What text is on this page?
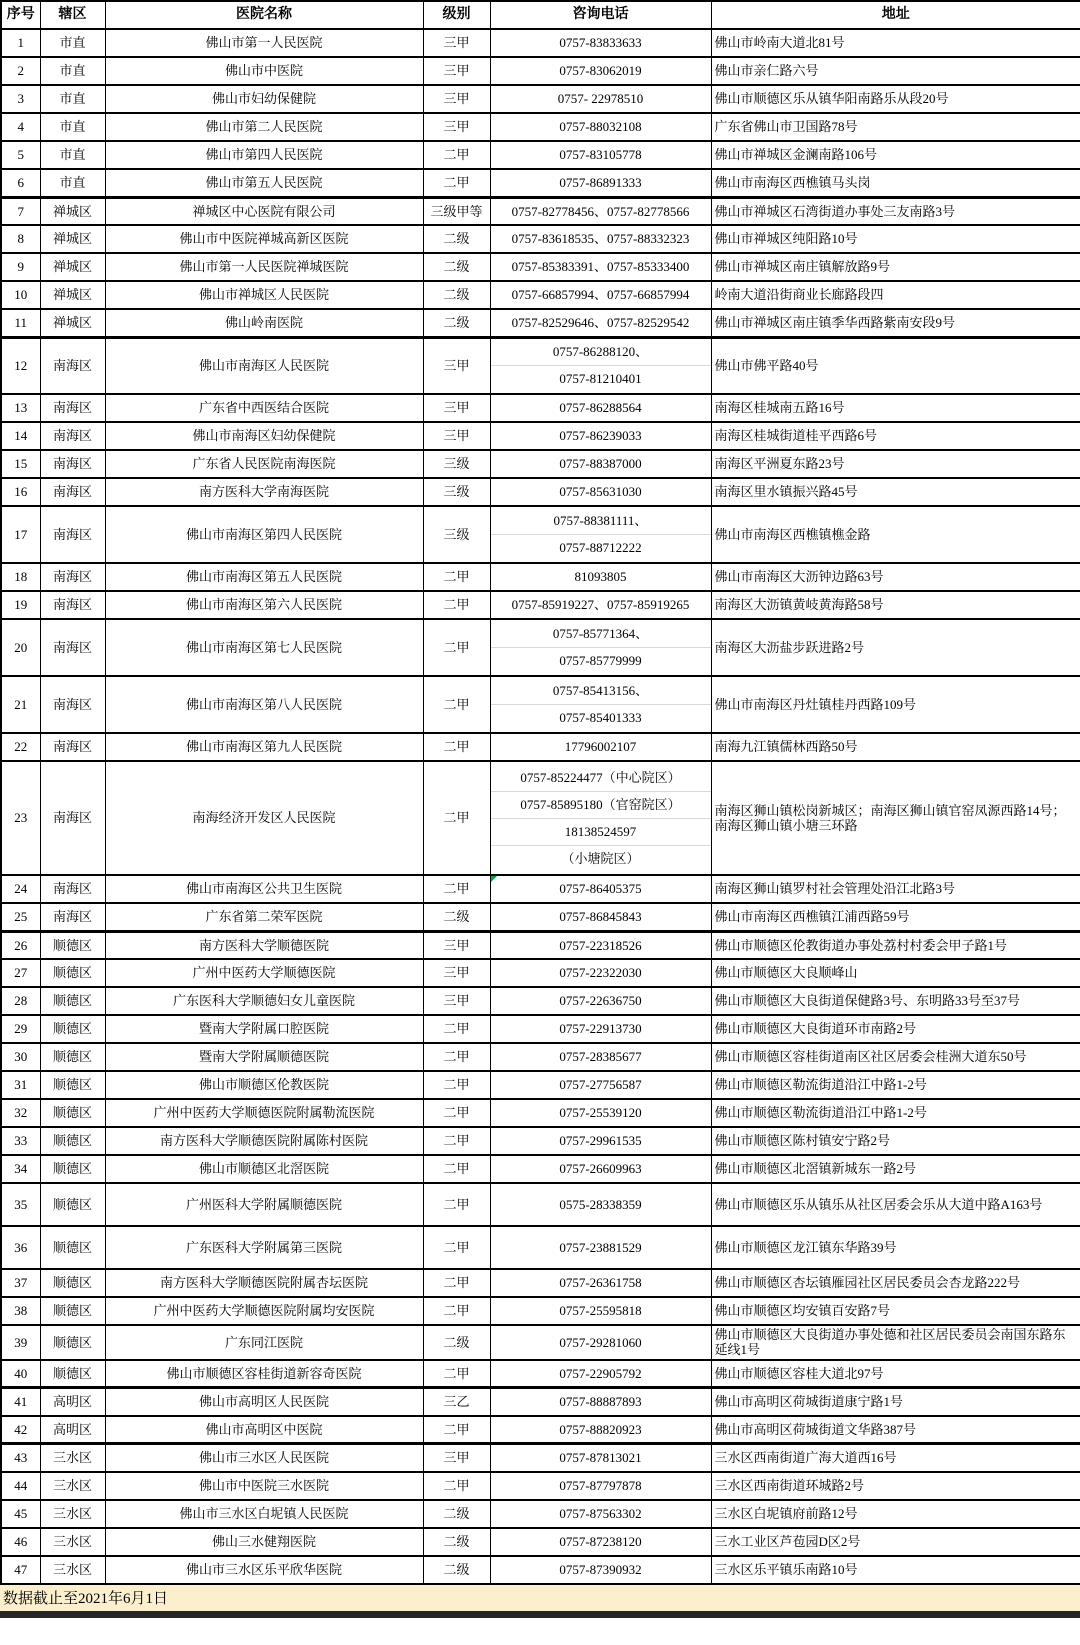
序号	辖区	医院名称	级别	咨询电话	地址
1	市直	佛山市第一人民医院	三甲	0757-83833633	佛山市岭南大道北81号
2	市直	佛山市中医院	三甲	0757-83062019	佛山市亲仁路六号
3	市直	佛山市妇幼保健院	三甲	0757- 22978510	佛山市顺德区乐从镇华阳南路乐从段20号
4	市直	佛山市第二人民医院	三甲	0757-88032108	广东省佛山市卫国路78号
5	市直	佛山市第四人民医院	二甲	0757-83105778	佛山市禅城区金澜南路106号
6	市直	佛山市第五人民医院	二甲	0757-86891333	佛山市南海区西樵镇马头岗
7	禅城区	禅城区中心医院有限公司	三级甲等	0757-82778456、0757-82778566	佛山市禅城区石湾街道办事处三友南路3号
8	禅城区	佛山市中医院禅城高新区医院	二级	0757-83618535、0757-88332323	佛山市禅城区纯阳路10号
9	禅城区	佛山市第一人民医院禅城医院	二级	0757-85383391、0757-85333400	佛山市禅城区南庄镇解放路9号
10	禅城区	佛山市禅城区人民医院	二级	0757-66857994、0757-66857994	岭南大道沿街商业长廊路段四
11	禅城区	佛山岭南医院	二级	0757-82529646、0757-82529542	佛山市禅城区南庄镇季华西路紫南安段9号
12	南海区	佛山市南海区人民医院	三甲	0757-86288120、
0757-81210401	佛山市佛平路40号
13	南海区	广东省中西医结合医院	三甲	0757-86288564	南海区桂城南五路16号
14	南海区	佛山市南海区妇幼保健院	三甲	0757-86239033	南海区桂城街道桂平西路6号
15	南海区	广东省人民医院南海医院	三级	0757-88387000	南海区平洲夏东路23号
16	南海区	南方医科大学南海医院	三级	0757-85631030	南海区里水镇振兴路45号
17	南海区	佛山市南海区第四人民医院	三级	0757-88381111、
0757-88712222	佛山市南海区西樵镇樵金路
18	南海区	佛山市南海区第五人民医院	二甲	81093805	佛山市南海区大沥钟边路63号
19	南海区	佛山市南海区第六人民医院	二甲	0757-85919227、0757-85919265	南海区大沥镇黄岐黄海路58号
20	南海区	佛山市南海区第七人民医院	二甲	0757-85771364、
0757-85779999	南海区大沥盐步跃进路2号
21	南海区	佛山市南海区第八人民医院	二甲	0757-85413156、
0757-85401333	佛山市南海区丹灶镇桂丹西路109号
22	南海区	佛山市南海区第九人民医院	二甲	17796002107	南海九江镇儒林西路50号
23	南海区	南海经济开发区人民医院	二甲	0757-85224477（中心院区）
0757-85895180（官窑院区）
18138524597
（小塘院区）	南海区狮山镇松岗新城区；南海区狮山镇官窑凤源西路14号；南海区狮山镇小塘三环路
24	南海区	佛山市南海区公共卫生医院	二甲	0757-86405375	南海区狮山镇罗村社会管理处沿江北路3号
25	南海区	广东省第二荣军医院	二级	0757-86845843	佛山市南海区西樵镇江浦西路59号
26	顺德区	南方医科大学顺德医院	三甲	0757-22318526	佛山市顺德区伦教街道办事处荔村村委会甲子路1号
27	顺德区	广州中医药大学顺德医院	三甲	0757-22322030	佛山市顺德区大良顺峰山
28	顺德区	广东医科大学顺德妇女儿童医院	三甲	0757-22636750	佛山市顺德区大良街道保健路3号、东明路33号至37号
29	顺德区	暨南大学附属口腔医院	二甲	0757-22913730	佛山市顺德区大良街道环市南路2号
30	顺德区	暨南大学附属顺德医院	二甲	0757-28385677	佛山市顺德区容桂街道南区社区居委会桂洲大道东50号
31	顺德区	佛山市顺德区伦教医院	二甲	0757-27756587	佛山市顺德区勒流街道沿江中路1-2号
32	顺德区	广州中医药大学顺德医院附属勒流医院	二甲	0757-25539120	佛山市顺德区勒流街道沿江中路1-2号
33	顺德区	南方医科大学顺德医院附属陈村医院	二甲	0757-29961535	佛山市顺德区陈村镇安宁路2号
34	顺德区	佛山市顺德区北滘医院	二甲	0757-26609963	佛山市顺德区北滘镇新城东一路2号
35	顺德区	广州医科大学附属顺德医院	二甲	0575-28338359	佛山市顺德区乐从镇乐从社区居委会乐从大道中路A163号
36	顺德区	广东医科大学附属第三医院	二甲	0757-23881529	佛山市顺德区龙江镇东华路39号
37	顺德区	南方医科大学顺德医院附属杏坛医院	二甲	0757-26361758	佛山市顺德区杏坛镇雁园社区居民委员会杏龙路222号
38	顺德区	广州中医药大学顺德医院附属均安医院	二甲	0757-25595818	佛山市顺德区均安镇百安路7号
39	顺德区	广东同江医院	二级	0757-29281060	佛山市顺德区大良街道办事处德和社区居民委员会南国东路东延线1号
40	顺德区	佛山市顺德区容桂街道新容奇医院	二甲	0757-22905792	佛山市顺德区容桂大道北97号
41	高明区	佛山市高明区人民医院	三乙	0757-88887893	佛山市高明区荷城街道康宁路1号
42	高明区	佛山市高明区中医院	二甲	0757-88820923	佛山市高明区荷城街道文华路387号
43	三水区	佛山市三水区人民医院	三甲	0757-87813021	三水区西南街道广海大道西16号
44	三水区	佛山市中医院三水医院	二甲	0757-87797878	三水区西南街道环城路2号
45	三水区	佛山市三水区白坭镇人民医院	二级	0757-87563302	三水区白坭镇府前路12号
46	三水区	佛山三水健翔医院	二级	0757-87238120	三水工业区芦苞园D区2号
47	三水区	佛山市三水区乐平欣华医院	二级	0757-87390932	三水区乐平镇乐南路10号
数据截止至2021年6月1日
